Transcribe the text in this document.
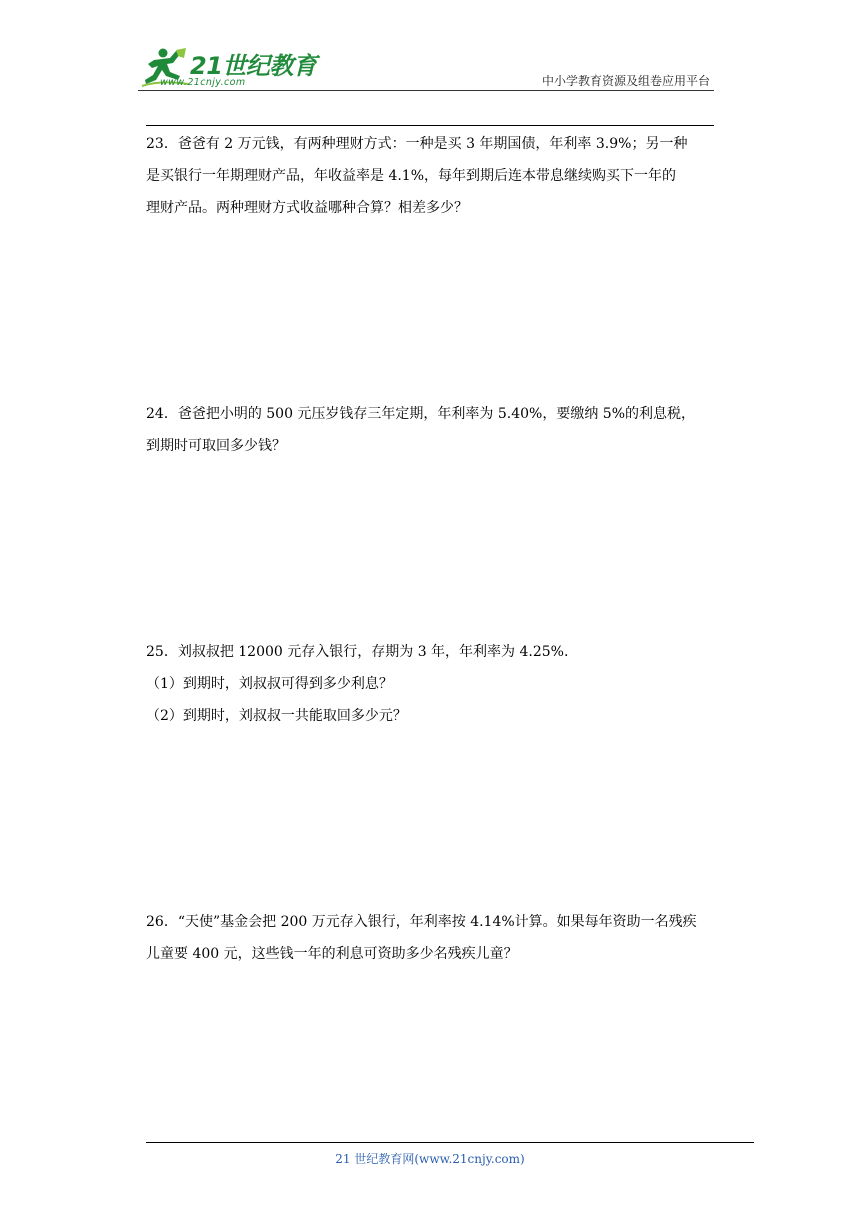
21世纪教育
www.21cnjy.com	中小学教育资源及组卷应用平台

23．爸爸有 2 万元钱，有两种理财方式：一种是买 3 年期国债，年利率 3.9%；另一种

是买银行一年期理财产品，年收益率是 4.1%，每年到期后连本带息继续购买下一年的

理财产品。两种理财方式收益哪种合算？相差多少？

24．爸爸把小明的 500 元压岁钱存三年定期，年利率为 5.40%，要缴纳 5%的利息税，

到期时可取回多少钱？

25．刘叔叔把 12000 元存入银行，存期为 3 年，年利率为 4.25%.

（1）到期时，刘叔叔可得到多少利息？

（2）到期时，刘叔叔一共能取回多少元？

26．“天使”基金会把 200 万元存入银行，年利率按 4.14%计算。如果每年资助一名残疾

儿童要 400 元，这些钱一年的利息可资助多少名残疾儿童？

21 世纪教育网(www.21cnjy.com)
